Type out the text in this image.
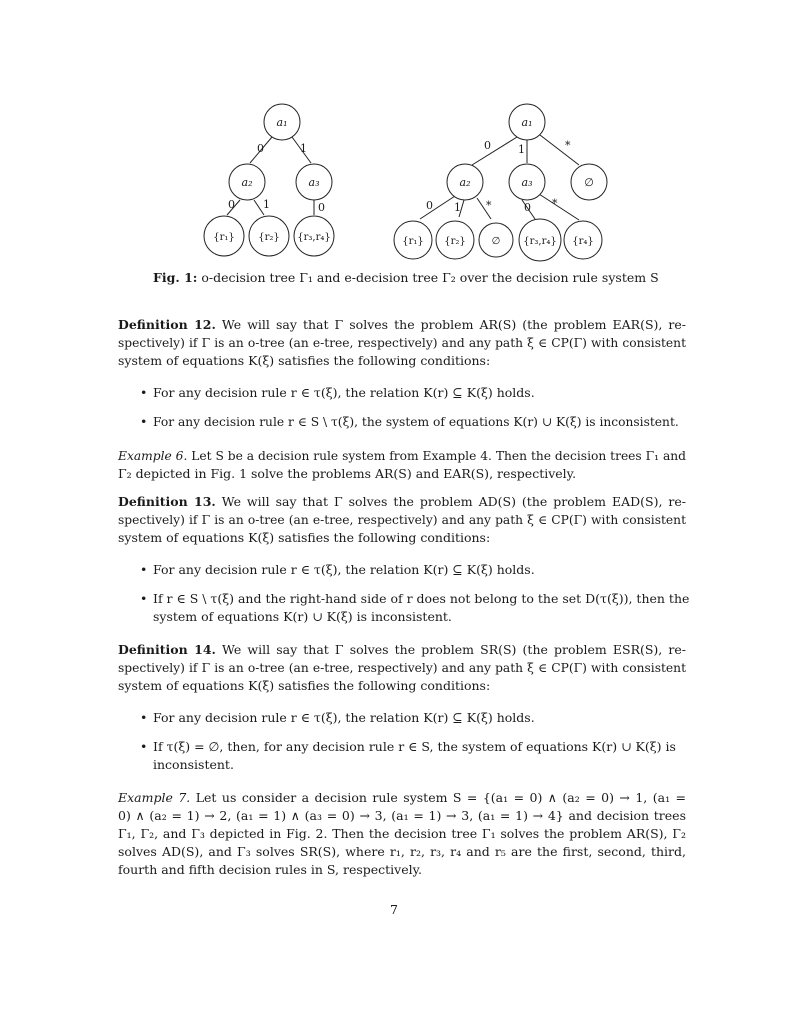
a₁
a₂	a₃
{r₁} {r₂} {r₃,r₄}
0	1
0	1	0
a₁
a₂	a₃	∅
{r₁} {r₂}	∅ {r₃,r₄} {r₄}
0 1	*
0 1 *	0 *
Fig. 1: o-decision tree Γ₁ and e-decision tree Γ₂ over the decision rule system S
Definition 12. We will say that Γ solves the problem AR(S) (the problem EAR(S), re-
spectively) if Γ is an o-tree (an e-tree, respectively) and any path ξ ∈ CP(Γ) with consistent
system of equations K(ξ) satisfies the following conditions:
• For any decision rule r ∈ τ(ξ), the relation K(r) ⊆ K(ξ) holds.
• For any decision rule r ∈ S \ τ(ξ), the system of equations K(r) ∪ K(ξ) is inconsistent.
Example 6. Let S be a decision rule system from Example 4. Then the decision trees Γ₁ and
Γ₂ depicted in Fig. 1 solve the problems AR(S) and EAR(S), respectively.
Definition 13. We will say that Γ solves the problem AD(S) (the problem EAD(S), re-
spectively) if Γ is an o-tree (an e-tree, respectively) and any path ξ ∈ CP(Γ) with consistent
system of equations K(ξ) satisfies the following conditions:
• For any decision rule r ∈ τ(ξ), the relation K(r) ⊆ K(ξ) holds.
• If r ∈ S \ τ(ξ) and the right-hand side of r does not belong to the set D(τ(ξ)), then the
system of equations K(r) ∪ K(ξ) is inconsistent.
Definition 14. We will say that Γ solves the problem SR(S) (the problem ESR(S), re-
spectively) if Γ is an o-tree (an e-tree, respectively) and any path ξ ∈ CP(Γ) with consistent
system of equations K(ξ) satisfies the following conditions:
• For any decision rule r ∈ τ(ξ), the relation K(r) ⊆ K(ξ) holds.
• If τ(ξ) = ∅, then, for any decision rule r ∈ S, the system of equations K(r) ∪ K(ξ) is
inconsistent.
Example 7. Let us consider a decision rule system S = {(a₁ = 0) ∧ (a₂ = 0) → 1, (a₁ =
0) ∧ (a₂ = 1) → 2, (a₁ = 1) ∧ (a₃ = 0) → 3, (a₁ = 1) → 3, (a₁ = 1) → 4} and decision trees
Γ₁, Γ₂, and Γ₃ depicted in Fig. 2. Then the decision tree Γ₁ solves the problem AR(S), Γ₂
solves AD(S), and Γ₃ solves SR(S), where r₁, r₂, r₃, r₄ and r₅ are the first, second, third,
fourth and fifth decision rules in S, respectively.
7
